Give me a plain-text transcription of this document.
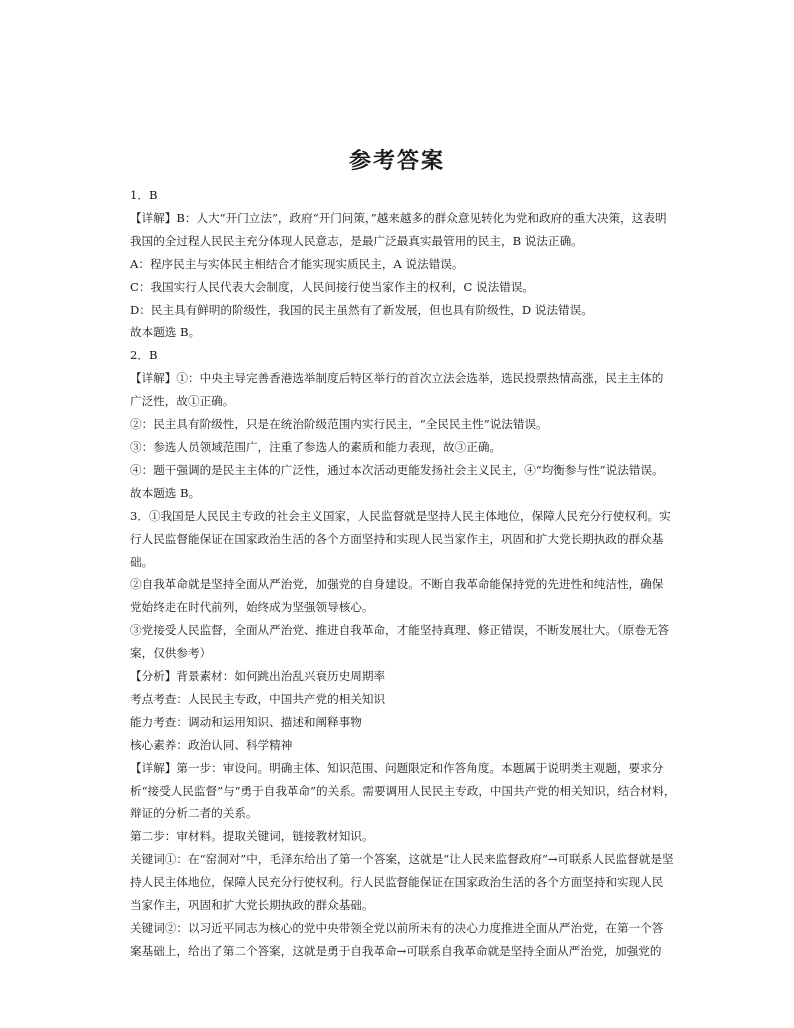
参考答案
1．B
【详解】B：人大“开门立法”，政府“开门问策，”越来越多的群众意见转化为党和政府的重大决策，这表明
我国的全过程人民民主充分体现人民意志，是最广泛最真实最管用的民主，B 说法正确。
A：程序民主与实体民主相结合才能实现实质民主，A 说法错误。
C：我国实行人民代表大会制度，人民间接行使当家作主的权利，C 说法错误。
D：民主具有鲜明的阶级性，我国的民主虽然有了新发展，但也具有阶级性，D 说法错误。
故本题选 B。
2．B
【详解】①：中央主导完善香港选举制度后特区举行的首次立法会选举，选民投票热情高涨，民主主体的
广泛性，故①正确。
②：民主具有阶级性，只是在统治阶级范围内实行民主，“全民民主性”说法错误。
③：参选人员领域范围广，注重了参选人的素质和能力表现，故③正确。
④：题干强调的是民主主体的广泛性，通过本次活动更能发扬社会主义民主，④“均衡参与性”说法错误。
故本题选 B。
3．①我国是人民民主专政的社会主义国家，人民监督就是坚持人民主体地位，保障人民充分行使权利。实
行人民监督能保证在国家政治生活的各个方面坚持和实现人民当家作主，巩固和扩大党长期执政的群众基
础。
②自我革命就是坚持全面从严治党，加强党的自身建设。不断自我革命能保持党的先进性和纯洁性，确保
党始终走在时代前列，始终成为坚强领导核心。
③党接受人民监督，全面从严治党、推进自我革命，才能坚持真理、修正错误，不断发展壮大。（原卷无答
案，仅供参考）
【分析】背景素材：如何跳出治乱兴衰历史周期率
考点考查：人民民主专政，中国共产党的相关知识
能力考查：调动和运用知识、描述和阐释事物
核心素养：政治认同、科学精神
【详解】第一步：审设问。明确主体、知识范围、问题限定和作答角度。本题属于说明类主观题，要求分
析“接受人民监督”与“勇于自我革命”的关系。需要调用人民民主专政，中国共产党的相关知识，结合材料，
辩证的分析二者的关系。
第二步：审材料。提取关键词，链接教材知识。
关键词①：在“窑洞对”中，毛泽东给出了第一个答案，这就是“让人民来监督政府”→可联系人民监督就是坚
持人民主体地位，保障人民充分行使权利。行人民监督能保证在国家政治生活的各个方面坚持和实现人民
当家作主，巩固和扩大党长期执政的群众基础。
关键词②：以习近平同志为核心的党中央带领全党以前所未有的决心力度推进全面从严治党，在第一个答
案基础上，给出了第二个答案，这就是勇于自我革命→可联系自我革命就是坚持全面从严治党，加强党的
